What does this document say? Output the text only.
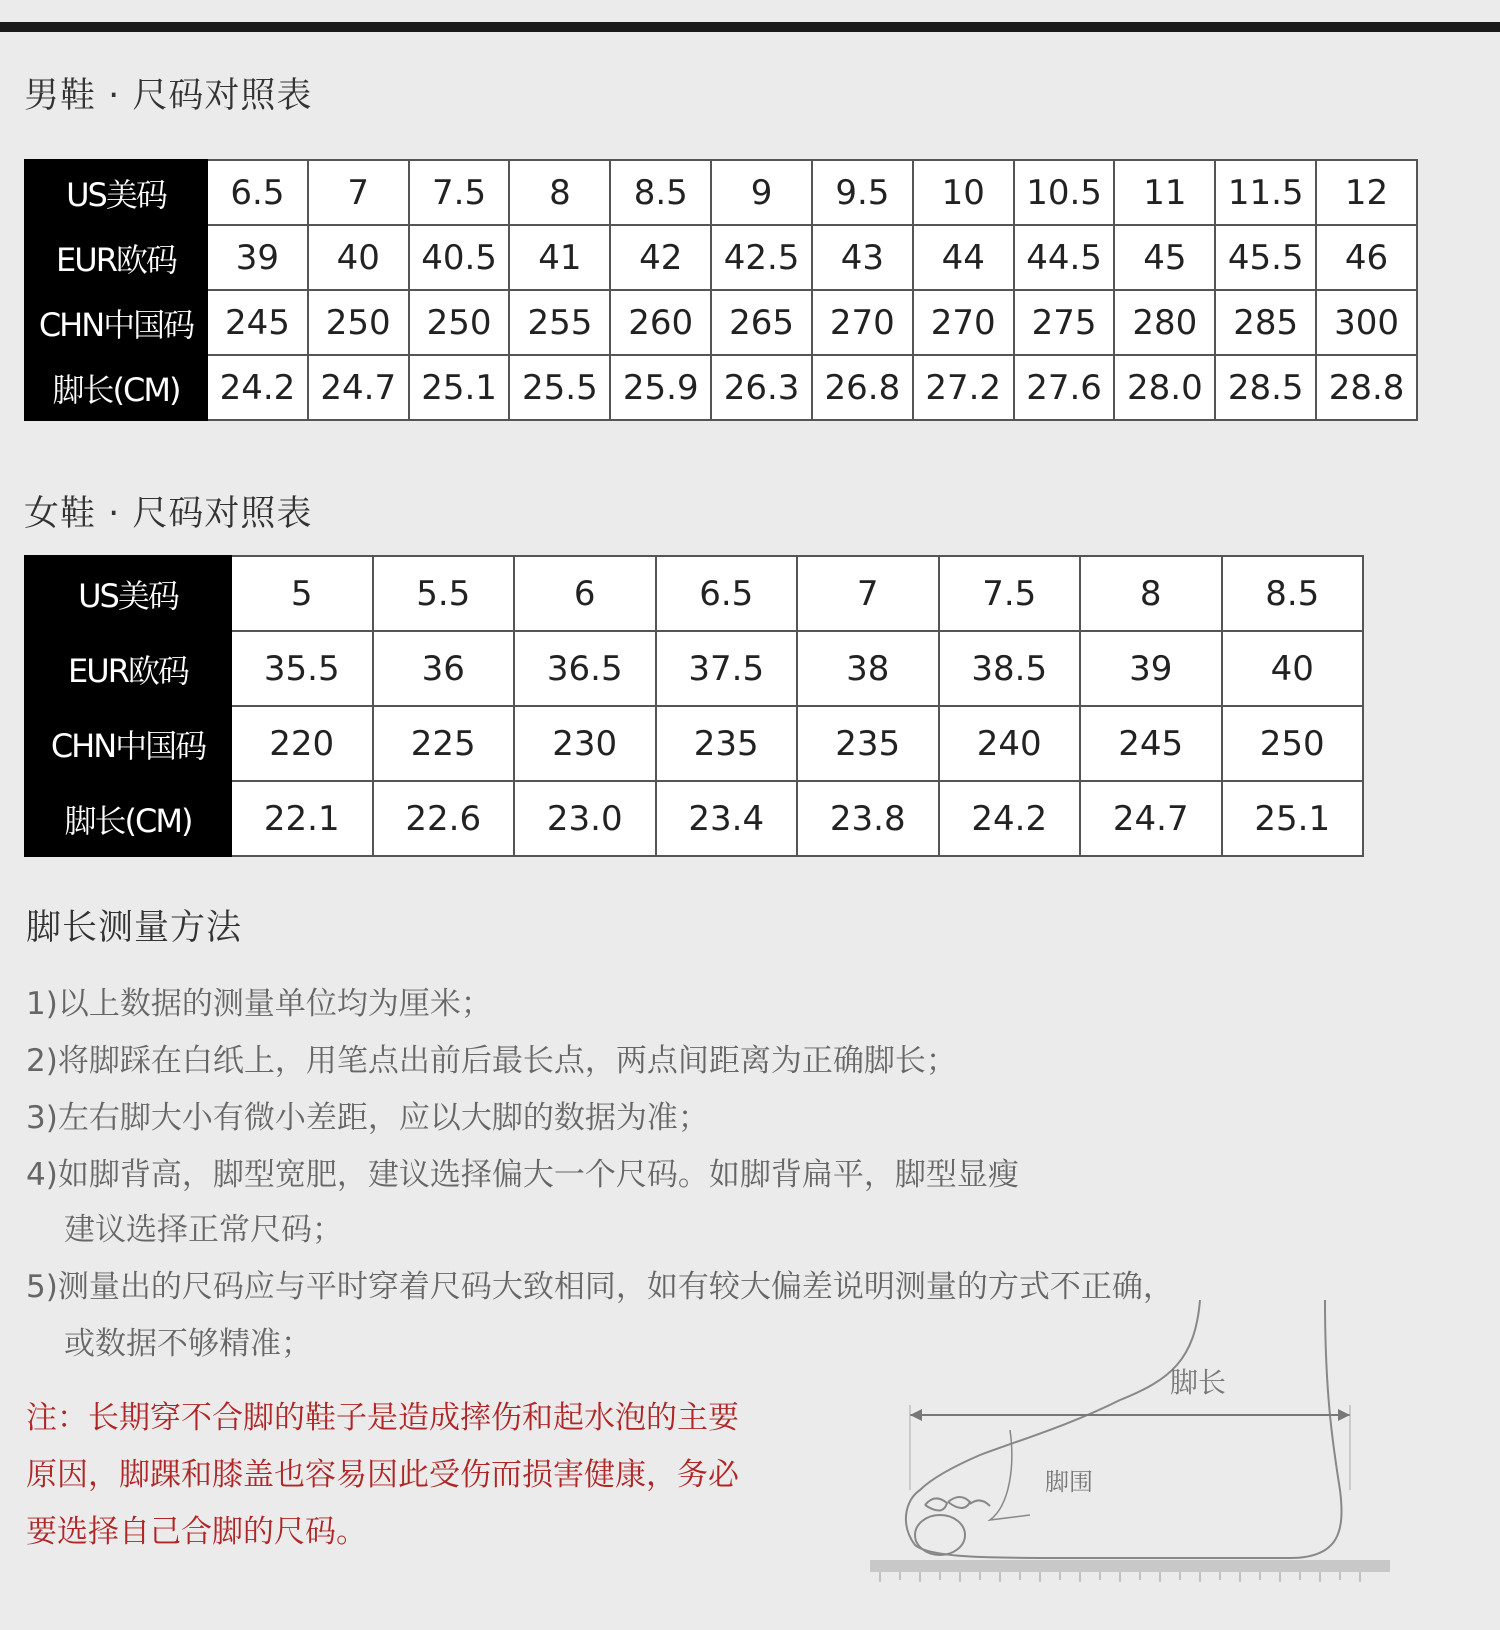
男鞋 · 尺码对照表
US美码	6.5	7	7.5	8	8.5	9	9.5	10	10.5	11	11.5	12
EUR欧码	39	40	40.5	41	42	42.5	43	44	44.5	45	45.5	46
CHN中国码	245	250	250	255	260	265	270	270	275	280	285	300
脚长(CM)	24.2	24.7	25.1	25.5	25.9	26.3	26.8	27.2	27.6	28.0	28.5	28.8
女鞋 · 尺码对照表
US美码	5	5.5	6	6.5	7	7.5	8	8.5
EUR欧码	35.5	36	36.5	37.5	38	38.5	39	40
CHN中国码	220	225	230	235	235	240	245	250
脚长(CM)	22.1	22.6	23.0	23.4	23.8	24.2	24.7	25.1
脚长测量方法
1)以上数据的测量单位均为厘米；
2)将脚踩在白纸上，用笔点出前后最长点，两点间距离为正确脚长；
3)左右脚大小有微小差距，应以大脚的数据为准；
4)如脚背高，脚型宽肥，建议选择偏大一个尺码。如脚背扁平，脚型显瘦
建议选择正常尺码；
5)测量出的尺码应与平时穿着尺码大致相同，如有较大偏差说明测量的方式不正确，
或数据不够精准；
注：长期穿不合脚的鞋子是造成摔伤和起水泡的主要
原因，脚踝和膝盖也容易因此受伤而损害健康，务必
要选择自己合脚的尺码。
脚长
脚围
